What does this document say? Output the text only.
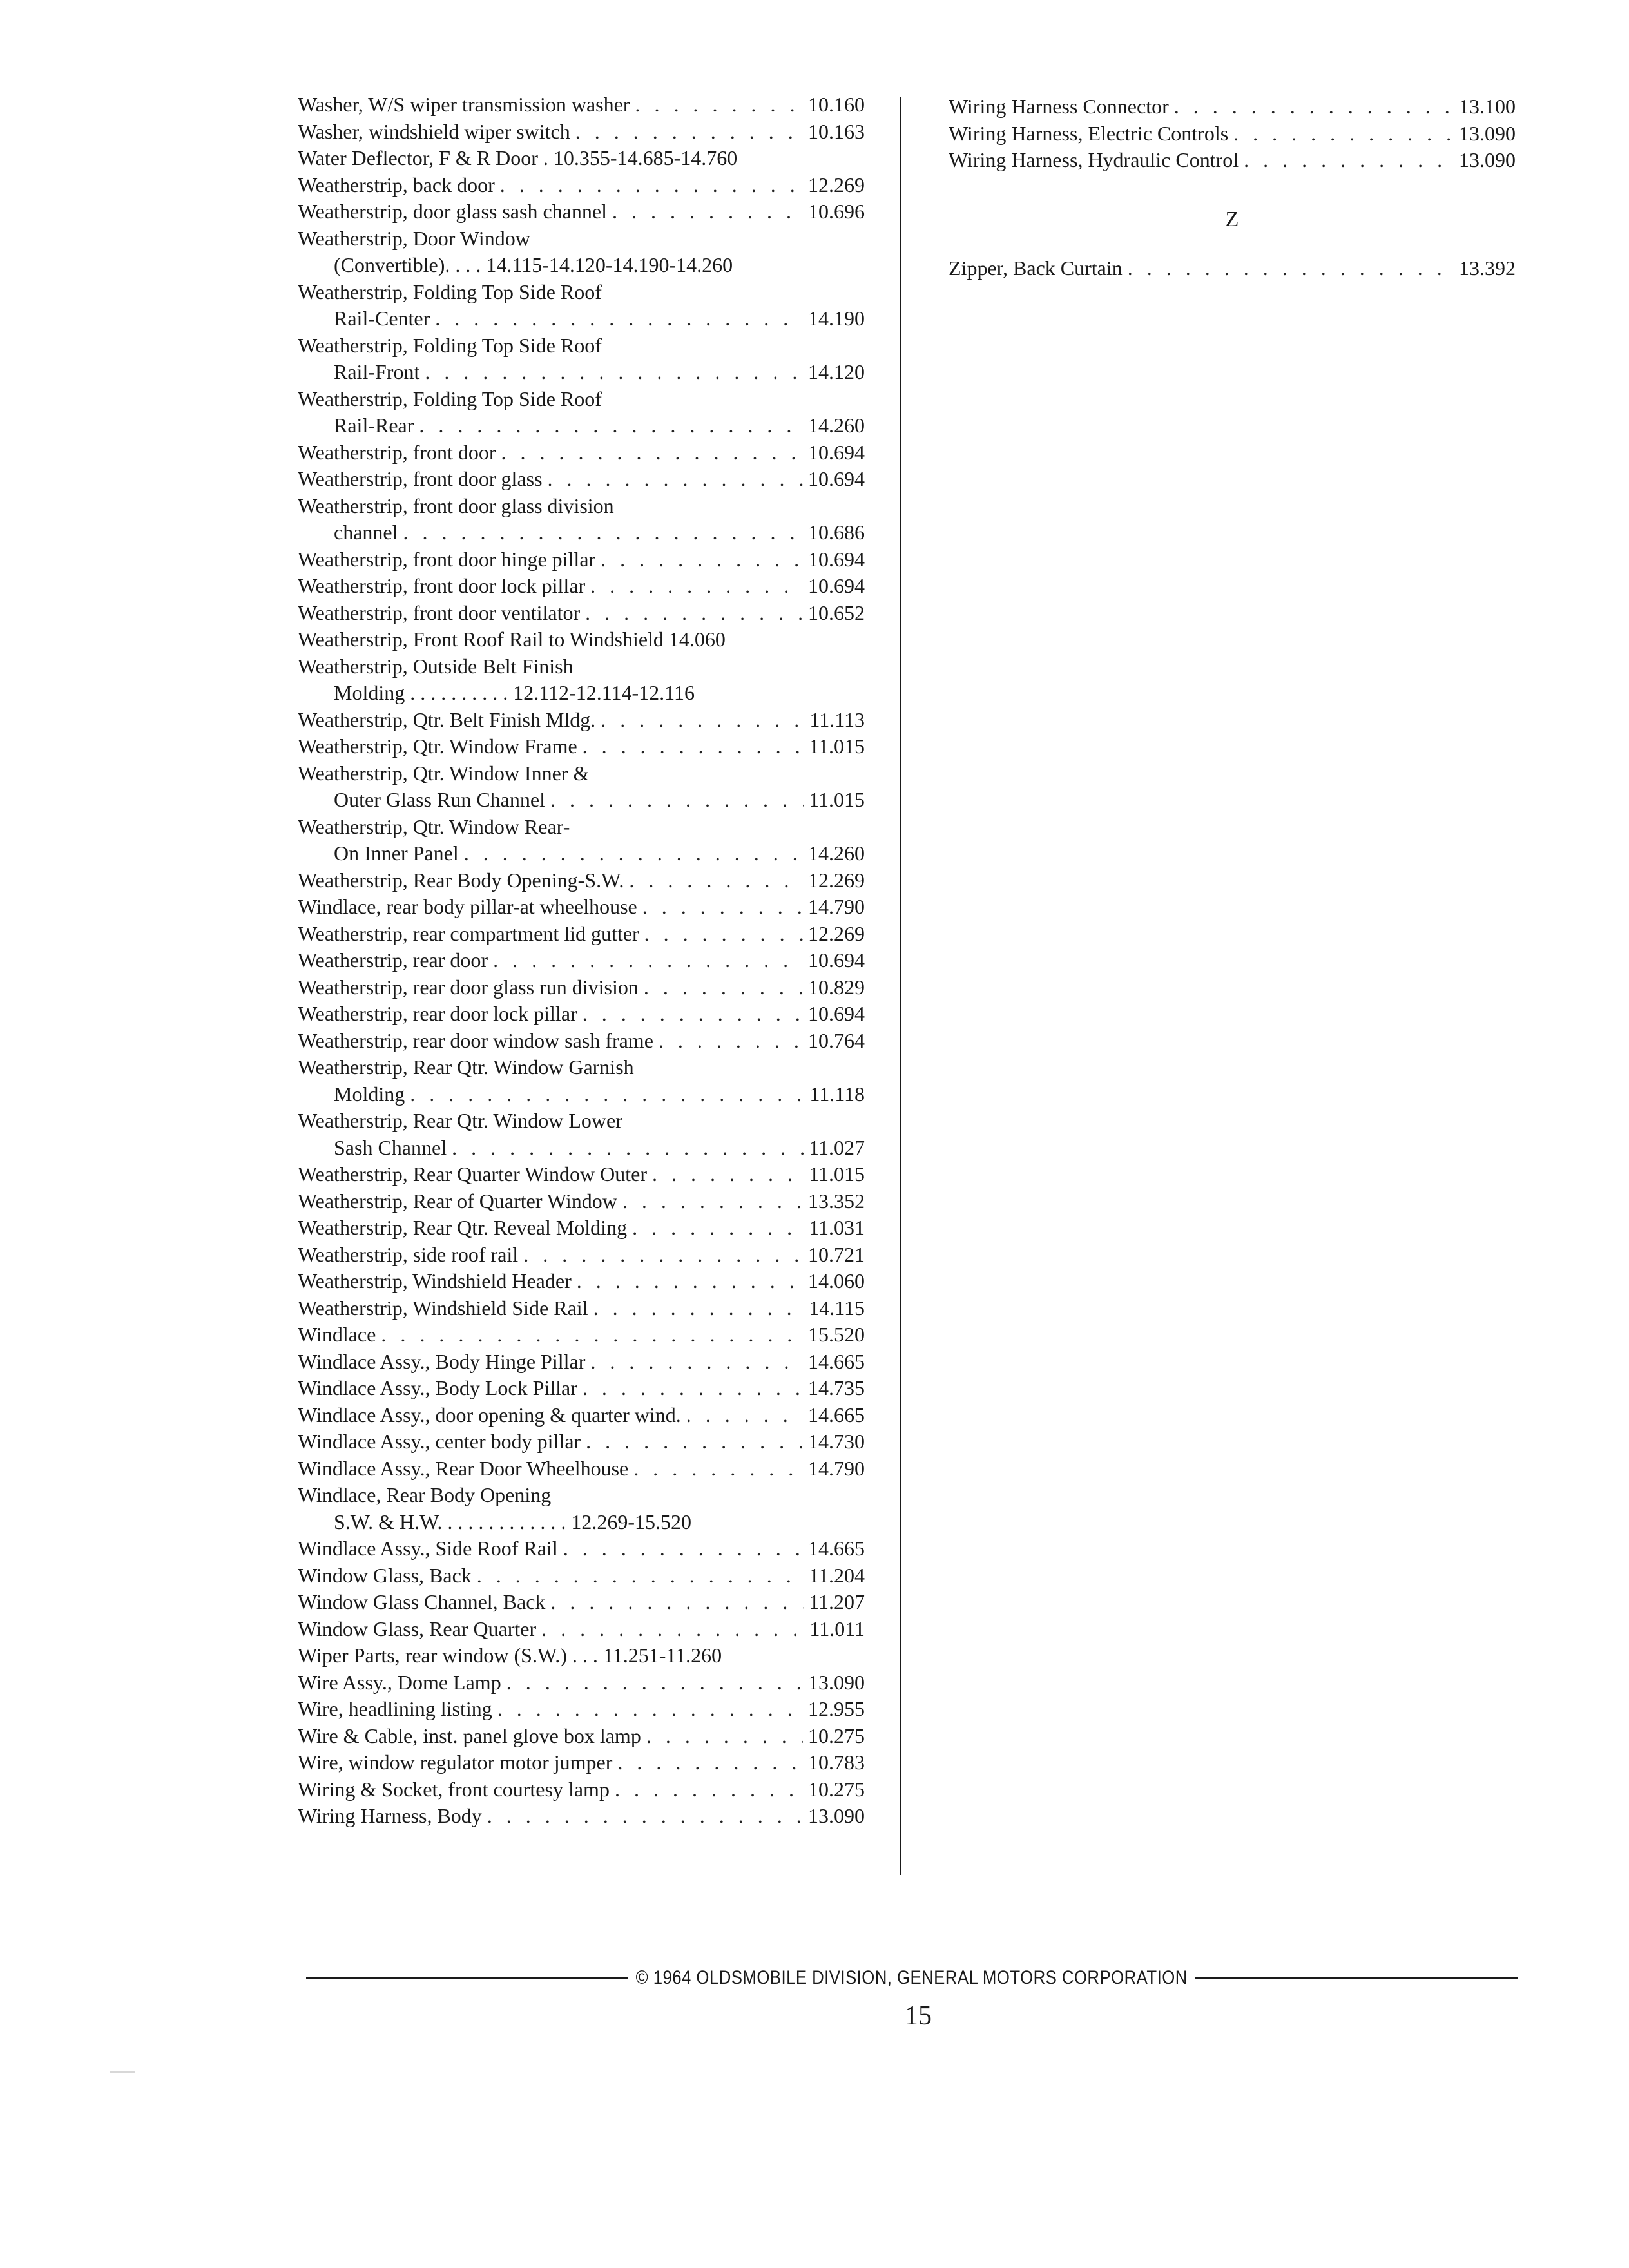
Washer, W/S wiper transmission washer . . .	10.160
Washer, windshield wiper switch . . .	10.163
Water Deflector, F & R Door . 10.355-14.685-14.760
Weatherstrip, back door . . .	12.269
Weatherstrip, door glass sash channel . . .	10.696
Weatherstrip, Door Window
(Convertible). . . . 14.115-14.120-14.190-14.260
Weatherstrip, Folding Top Side Roof
Rail-Center . . .	14.190
Weatherstrip, Folding Top Side Roof
Rail-Front . . .	14.120
Weatherstrip, Folding Top Side Roof
Rail-Rear . . .	14.260
Weatherstrip, front door . . .	10.694
Weatherstrip, front door glass . . .	10.694
Weatherstrip, front door glass division
channel . . .	10.686
Weatherstrip, front door hinge pillar . . .	10.694
Weatherstrip, front door lock pillar . . .	10.694
Weatherstrip, front door ventilator . . .	10.652
Weatherstrip, Front Roof Rail to Windshield 14.060
Weatherstrip, Outside Belt Finish
Molding . . . . . . . . . . 12.112-12.114-12.116
Weatherstrip, Qtr. Belt Finish Mldg. . . .	11.113
Weatherstrip, Qtr. Window Frame . . .	11.015
Weatherstrip, Qtr. Window Inner &
Outer Glass Run Channel . . .	11.015
Weatherstrip, Qtr. Window Rear-
On Inner Panel . . .	14.260
Weatherstrip, Rear Body Opening-S.W. . . .	12.269
Windlace, rear body pillar-at wheelhouse . . .	14.790
Weatherstrip, rear compartment lid gutter . . .	12.269
Weatherstrip, rear door . . .	10.694
Weatherstrip, rear door glass run division . . .	10.829
Weatherstrip, rear door lock pillar . . .	10.694
Weatherstrip, rear door window sash frame . . .	10.764
Weatherstrip, Rear Qtr. Window Garnish
Molding . . .	11.118
Weatherstrip, Rear Qtr. Window Lower
Sash Channel . . .	11.027
Weatherstrip, Rear Quarter Window Outer . . .	11.015
Weatherstrip, Rear of Quarter Window . . .	13.352
Weatherstrip, Rear Qtr. Reveal Molding . . .	11.031
Weatherstrip, side roof rail . . .	10.721
Weatherstrip, Windshield Header . . .	14.060
Weatherstrip, Windshield Side Rail . . .	14.115
Windlace . . .	15.520
Windlace Assy., Body Hinge Pillar . . .	14.665
Windlace Assy., Body Lock Pillar . . .	14.735
Windlace Assy., door opening & quarter wind. . . .	14.665
Windlace Assy., center body pillar . . .	14.730
Windlace Assy., Rear Door Wheelhouse . . .	14.790
Windlace, Rear Body Opening
S.W. & H.W. . . . . . . . . . . . . 12.269-15.520
Windlace Assy., Side Roof Rail . . .	14.665
Window Glass, Back . . .	11.204
Window Glass Channel, Back . . .	11.207
Window Glass, Rear Quarter . . .	11.011
Wiper Parts, rear window (S.W.) . . . 11.251-11.260
Wire Assy., Dome Lamp . . .	13.090
Wire, headlining listing . . .	12.955
Wire & Cable, inst. panel glove box lamp . . .	10.275
Wire, window regulator motor jumper . . .	10.783
Wiring & Socket, front courtesy lamp . . .	10.275
Wiring Harness, Body . . .	13.090
Wiring Harness Connector . . .	13.100
Wiring Harness, Electric Controls . . .	13.090
Wiring Harness, Hydraulic Control . . .	13.090
Z
Zipper, Back Curtain . . .	13.392
© 1964 OLDSMOBILE DIVISION, GENERAL MOTORS CORPORATION
15
